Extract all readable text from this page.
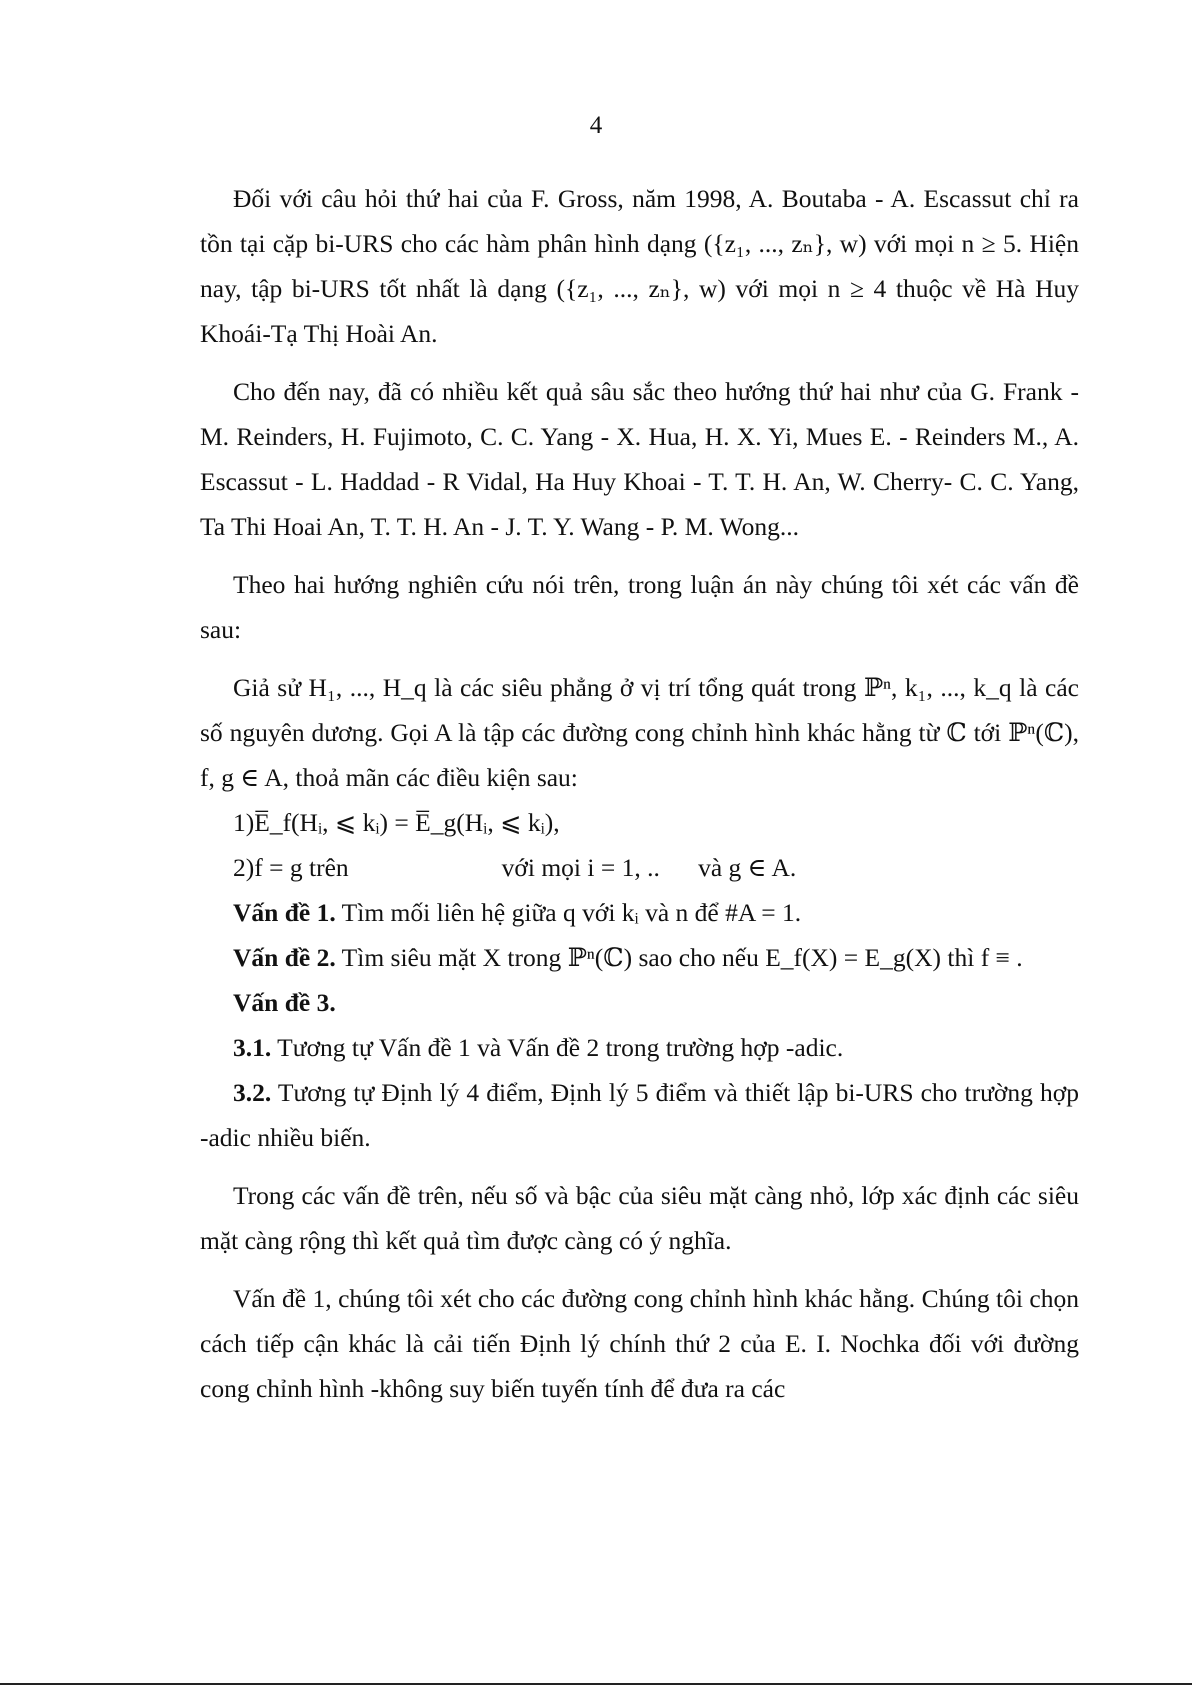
4

Đối với câu hỏi thứ hai của F. Gross, năm 1998, A. Boutaba - A. Escassut chỉ ra tồn tại cặp bi-URS cho các hàm phân hình dạng ({z₁, ..., zₙ}, w) với mọi n ≥ 5. Hiện nay, tập bi-URS tốt nhất là dạng ({z₁, ..., zₙ}, w) với mọi n ≥ 4 thuộc về Hà Huy Khoái-Tạ Thị Hoài An.

Cho đến nay, đã có nhiều kết quả sâu sắc theo hướng thứ hai như của G. Frank - M. Reinders, H. Fujimoto, C. C. Yang - X. Hua, H. X. Yi, Mues E. - Reinders M., A. Escassut - L. Haddad - R Vidal, Ha Huy Khoai - T. T. H. An, W. Cherry- C. C. Yang, Ta Thi Hoai An, T. T. H. An - J. T. Y. Wang - P. M. Wong...

Theo hai hướng nghiên cứu nói trên, trong luận án này chúng tôi xét các vấn đề sau:

Giả sử H₁, ..., H_q là các siêu phẳng ở vị trí tổng quát trong ℙⁿ, k₁, ..., k_q là các số nguyên dương. Gọi A là tập các đường cong chỉnh hình khác hằng từ ℂ tới ℙⁿ(ℂ), f, g ∈ A, thoả mãn các điều kiện sau:

1)E̅_f(Hᵢ, ⩽ kᵢ) = E̅_g(Hᵢ, ⩽ kᵢ),

2)f = g trên                        với mọi i = 1, ..      và g ∈ A.

Vấn đề 1. Tìm mối liên hệ giữa q với kᵢ và n để #A = 1.

Vấn đề 2. Tìm siêu mặt X trong ℙⁿ(ℂ) sao cho nếu E_f(X) = E_g(X) thì f ≡ .

Vấn đề 3.

3.1. Tương tự Vấn đề 1 và Vấn đề 2 trong trường hợp -adic.

3.2. Tương tự Định lý 4 điểm, Định lý 5 điểm và thiết lập bi-URS cho trường hợp -adic nhiều biến.

Trong các vấn đề trên, nếu số và bậc của siêu mặt càng nhỏ, lớp xác định các siêu mặt càng rộng thì kết quả tìm được càng có ý nghĩa.

Vấn đề 1, chúng tôi xét cho các đường cong chỉnh hình khác hằng. Chúng tôi chọn cách tiếp cận khác là cải tiến Định lý chính thứ 2 của E. I. Nochka đối với đường cong chỉnh hình -không suy biến tuyến tính để đưa ra các
